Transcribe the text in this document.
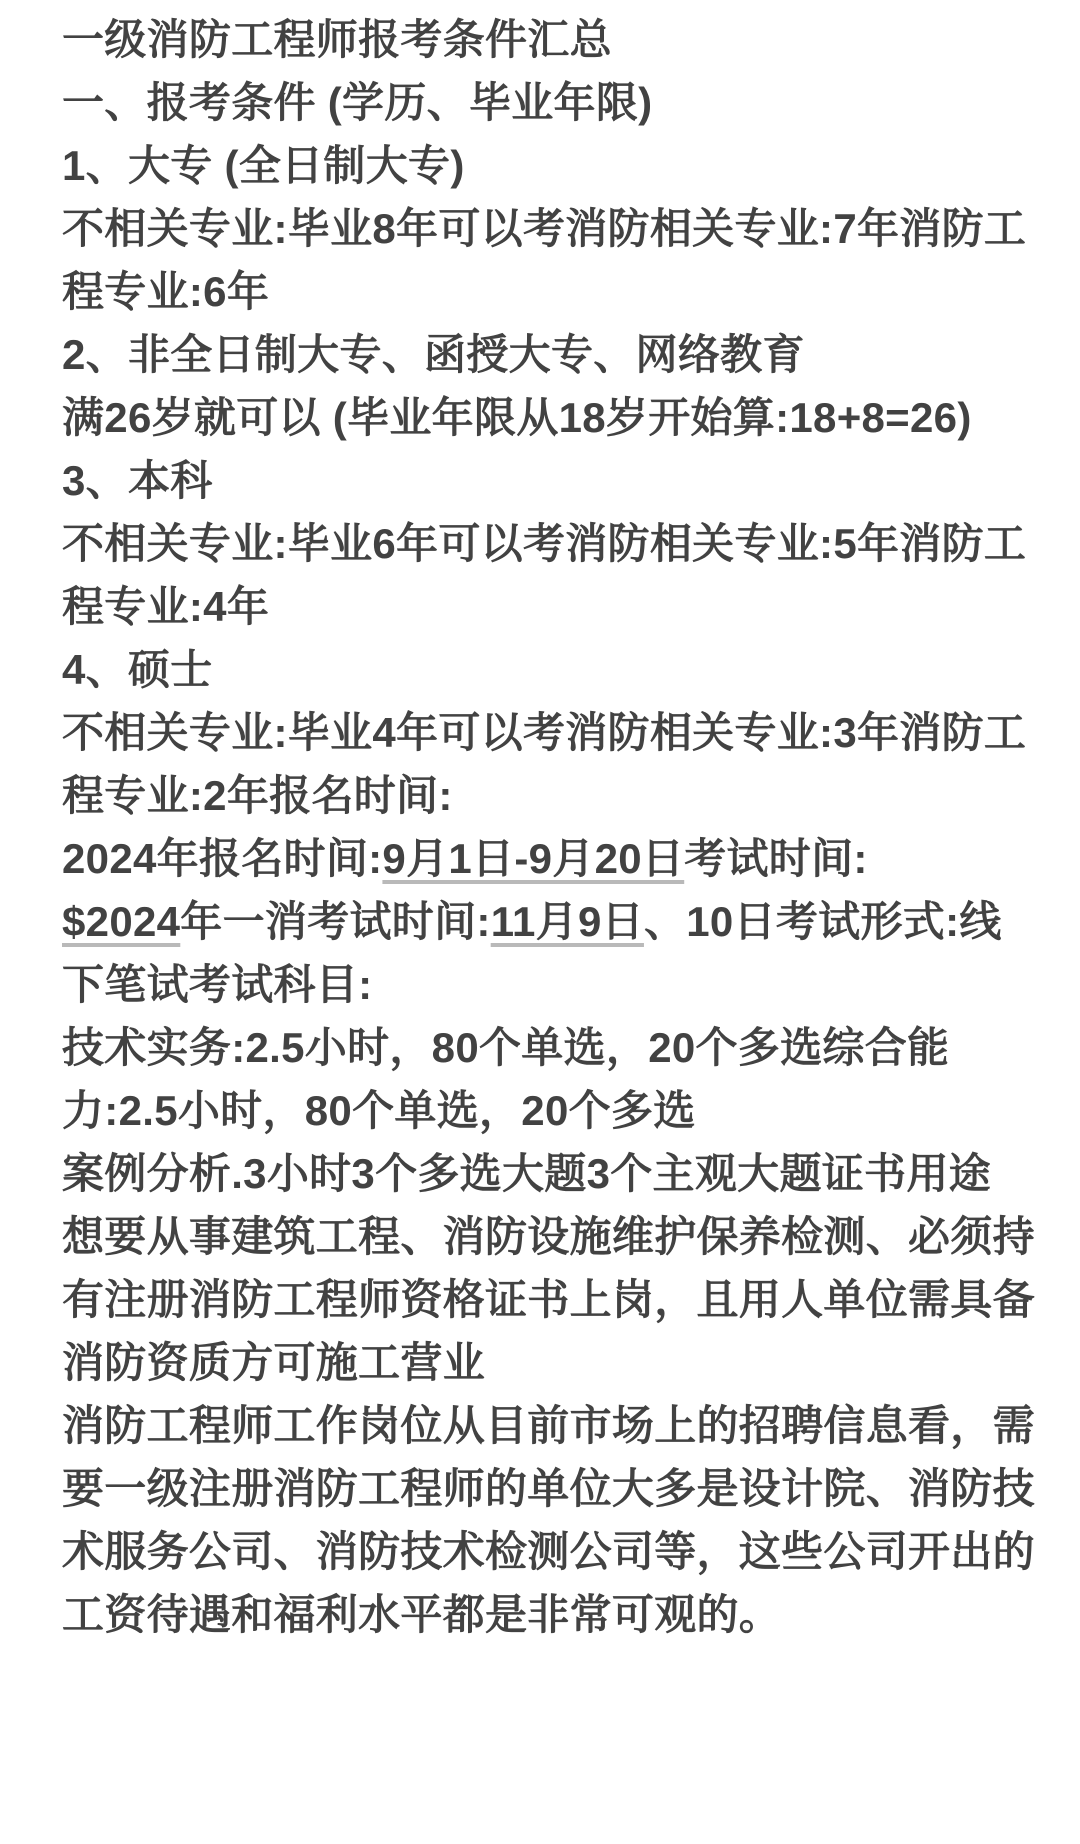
一级消防工程师报考条件汇总
一、报考条件 (学历、毕业年限)
1、大专 (全日制大专)
不相关专业:毕业8年可以考消防相关专业:7年消防工
程专业:6年
2、非全日制大专、函授大专、网络教育
满26岁就可以 (毕业年限从18岁开始算:18+8=26)
3、本科
不相关专业:毕业6年可以考消防相关专业:5年消防工
程专业:4年
4、硕士
不相关专业:毕业4年可以考消防相关专业:3年消防工
程专业:2年报名时间:
2024年报名时间:9月1日-9月20日考试时间:
$2024年一消考试时间:11月9日、10日考试形式:线
下笔试考试科目:
技术实务:2.5小时，80个单选，20个多选综合能
力:2.5小时，80个单选，20个多选
案例分析.3小时3个多选大题3个主观大题证书用途
想要从事建筑工程、消防设施维护保养检测、必须持
有注册消防工程师资格证书上岗，且用人单位需具备
消防资质方可施工营业
消防工程师工作岗位从目前市场上的招聘信息看，需
要一级注册消防工程师的单位大多是设计院、消防技
术服务公司、消防技术检测公司等，这些公司开出的
工资待遇和福利水平都是非常可观的。
